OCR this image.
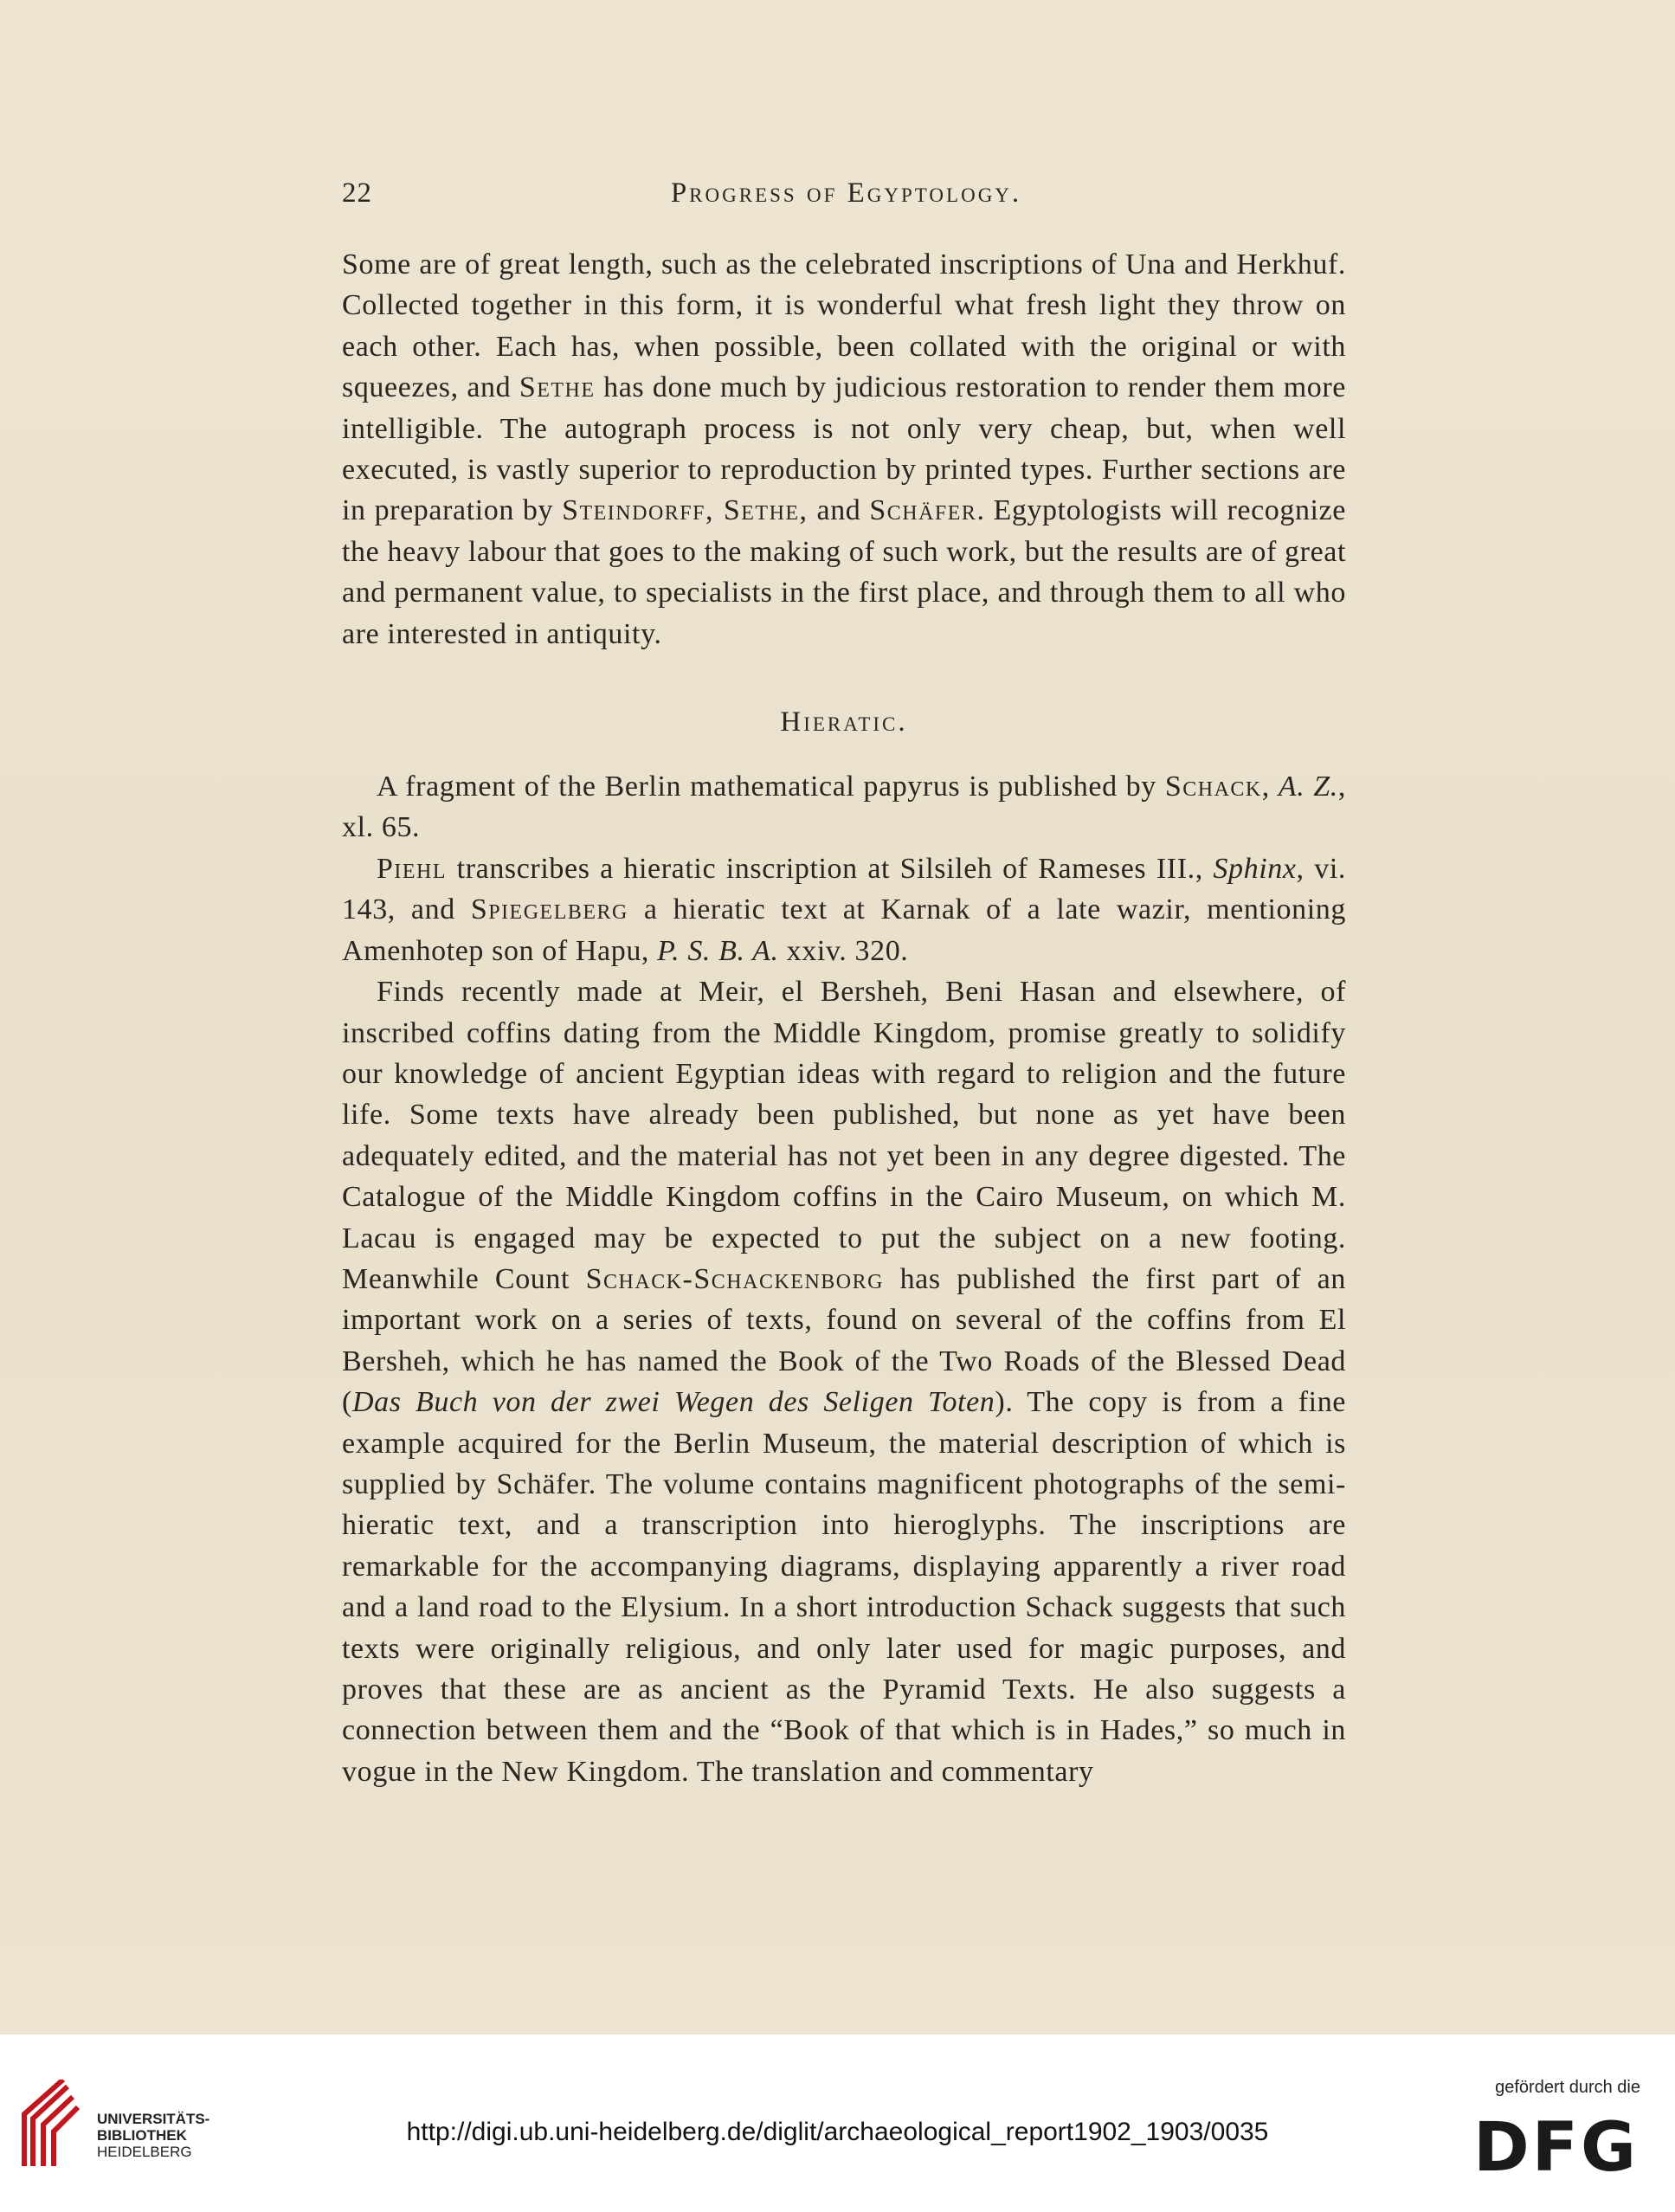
22	Progress of Egyptology.

Some are of great length, such as the celebrated inscriptions of Una and Herkhuf. Collected together in this form, it is wonderful what fresh light they throw on each other. Each has, when possible, been collated with the original or with squeezes, and Sethe has done much by judicious restoration to render them more intelligible. The autograph process is not only very cheap, but, when well executed, is vastly superior to reproduction by printed types. Further sections are in preparation by Steindorff, Sethe, and Schäfer. Egyptologists will recognize the heavy labour that goes to the making of such work, but the results are of great and permanent value, to specialists in the first place, and through them to all who are interested in antiquity.

Hieratic.

A fragment of the Berlin mathematical papyrus is published by Schack, A. Z., xl. 65.

Piehl transcribes a hieratic inscription at Silsileh of Rameses III., Sphinx, vi. 143, and Spiegelberg a hieratic text at Karnak of a late wazir, mentioning Amenhotep son of Hapu, P. S. B. A. xxiv. 320.

Finds recently made at Meir, el Bersheh, Beni Hasan and elsewhere, of inscribed coffins dating from the Middle Kingdom, promise greatly to solidify our knowledge of ancient Egyptian ideas with regard to religion and the future life. Some texts have already been published, but none as yet have been adequately edited, and the material has not yet been in any degree digested. The Catalogue of the Middle Kingdom coffins in the Cairo Museum, on which M. Lacau is engaged may be expected to put the subject on a new footing. Meanwhile Count Schack-Schackenborg has published the first part of an important work on a series of texts, found on several of the coffins from El Bersheh, which he has named the Book of the Two Roads of the Blessed Dead (Das Buch von der zwei Wegen des Seligen Toten). The copy is from a fine example acquired for the Berlin Museum, the material description of which is supplied by Schäfer. The volume contains magnificent photographs of the semi-hieratic text, and a transcription into hieroglyphs. The inscriptions are remarkable for the accompanying diagrams, displaying apparently a river road and a land road to the Elysium. In a short introduction Schack suggests that such texts were originally religious, and only later used for magic purposes, and proves that these are as ancient as the Pyramid Texts. He also suggests a connection between them and the “Book of that which is in Hades,” so much in vogue in the New Kingdom. The translation and commentary

UNIVERSITÄTS-
BIBLIOTHEK
HEIDELBERG
http://digi.ub.uni-heidelberg.de/diglit/archaeological_report1902_1903/0035
gefördert durch die
DFG
